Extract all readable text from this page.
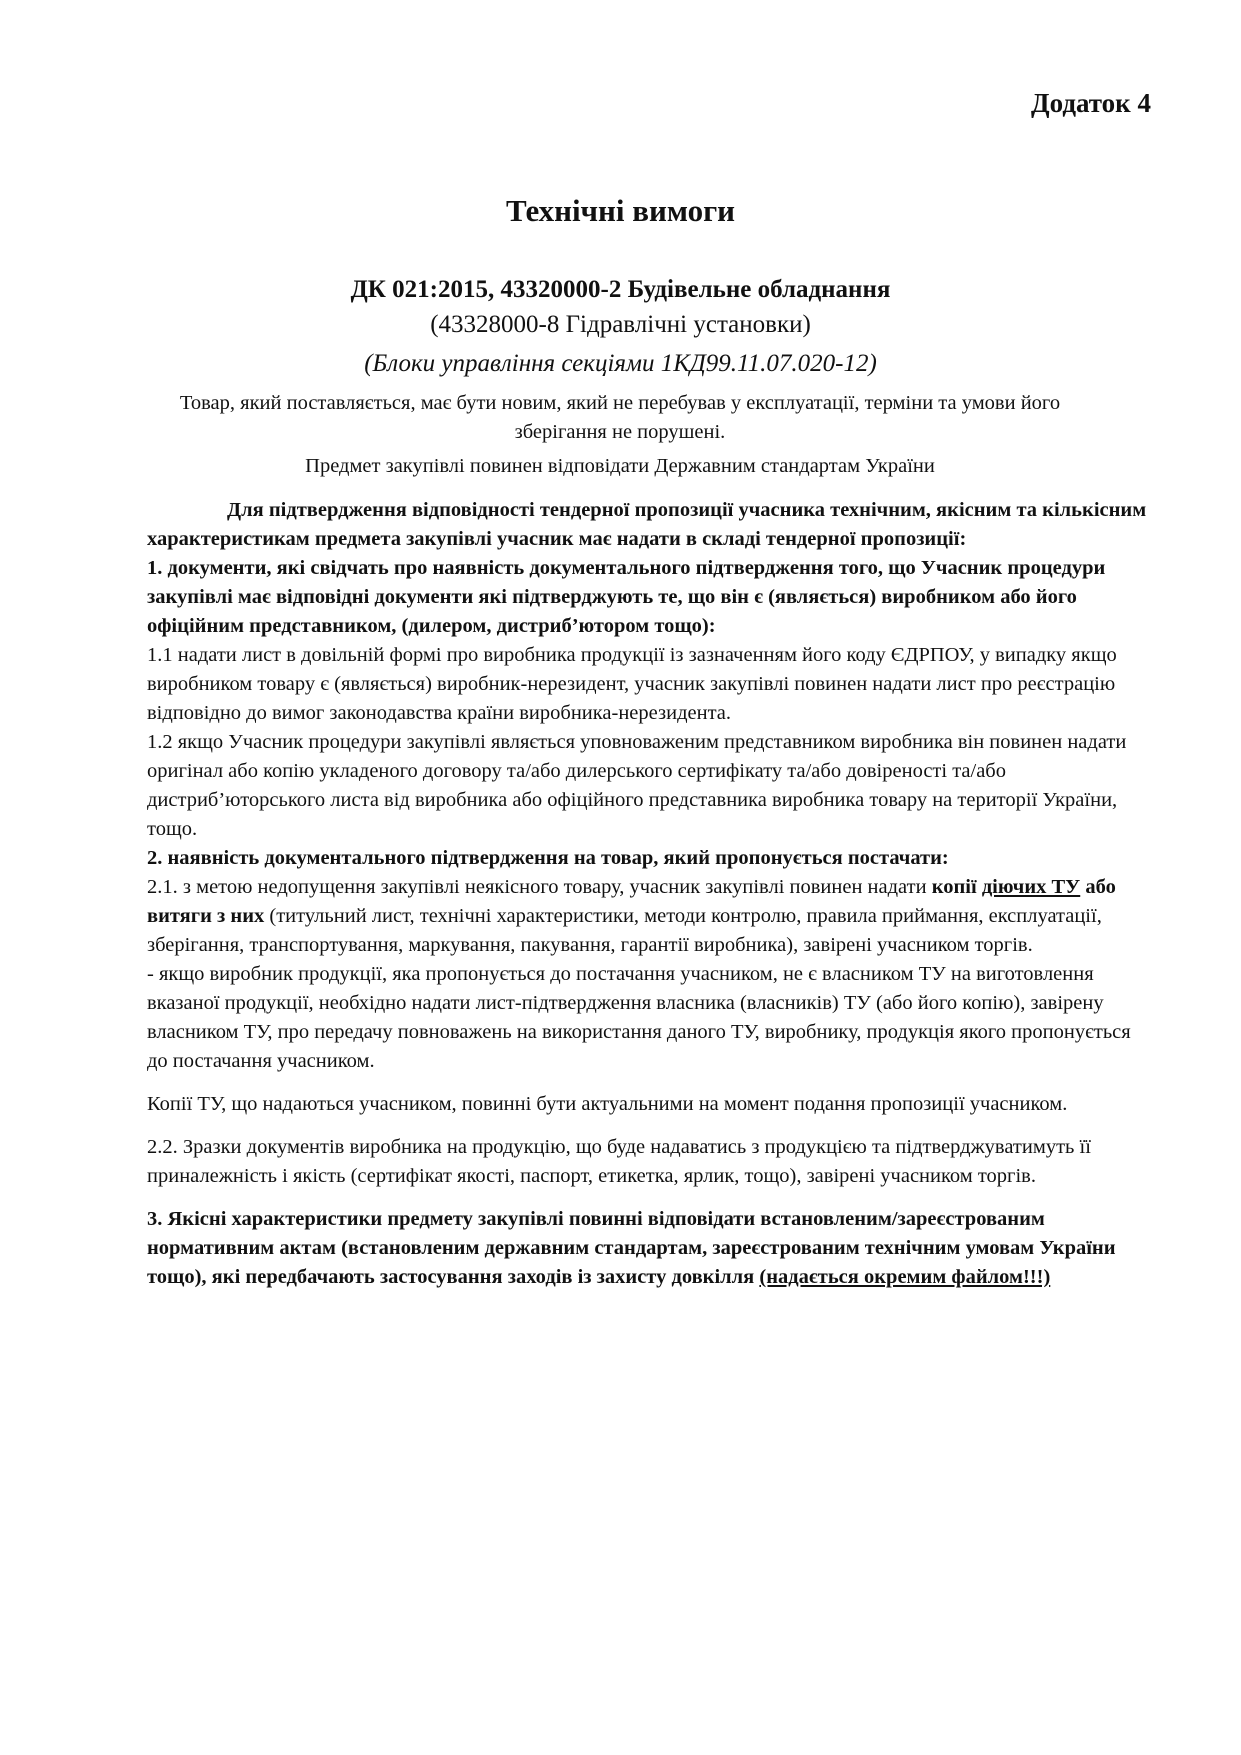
Додаток 4
Технічні вимоги
ДК 021:2015, 43320000-2 Будівельне обладнання
(43328000-8 Гідравлічні установки)
(Блоки управління секціями 1КД99.11.07.020-12)
Товар, який поставляється, має бути новим, який не перебував у експлуатації, терміни та умови його зберігання не порушені.
Предмет закупівлі повинен відповідати Державним стандартам України

Для підтвердження відповідності тендерної пропозиції учасника технічним, якісним та кількісним характеристикам предмета закупівлі учасник має надати в складі тендерної пропозиції:

1. документи, які свідчать про наявність документального підтвердження того, що Учасник процедури закупівлі має відповідні документи які підтверджують те, що він є (являється) виробником або його офіційним представником, (дилером, дистриб’ютором тощо):

1.1 надати лист в довільній формі про виробника продукції із зазначенням його коду ЄДРПОУ, у випадку якщо виробником товару є (являється) виробник-нерезидент, учасник закупівлі повинен надати лист про реєстрацію відповідно до вимог законодавства країни виробника-нерезидента.

1.2 якщо Учасник процедури закупівлі являється уповноваженим представником виробника він повинен надати оригінал або копію укладеного договору та/або дилерського сертифікату та/або довіреності та/або дистриб’юторського листа від виробника або офіційного представника виробника товару на території України, тощо.

2. наявність документального підтвердження на товар, який пропонується постачати:

2.1. з метою недопущення закупівлі неякісного товару, учасник закупівлі повинен надати копії діючих ТУ або витяги з них (титульний лист, технічні характеристики, методи контролю, правила приймання, експлуатації, зберігання, транспортування, маркування, пакування, гарантії виробника), завірені учасником торгів.

- якщо виробник продукції, яка пропонується до постачання учасником, не є власником ТУ на виготовлення вказаної продукції, необхідно надати лист-підтвердження власника (власників) ТУ (або його копію), завірену власником ТУ, про передачу повноважень на використання даного ТУ, виробнику, продукція якого пропонується до постачання учасником.

Копії ТУ, що надаються учасником, повинні бути актуальними на момент подання пропозиції учасником.

2.2. Зразки документів виробника на продукцію, що буде надаватись з продукцією та підтверджуватимуть її приналежність і якість (сертифікат якості, паспорт, етикетка, ярлик, тощо), завірені учасником торгів.

3. Якісні характеристики предмету закупівлі повинні відповідати встановленим/зареєстрованим нормативним актам (встановленим державним стандартам, зареєстрованим технічним умовам України тощо), які передбачають застосування заходів із захисту довкілля (надається окремим файлом!!!)
